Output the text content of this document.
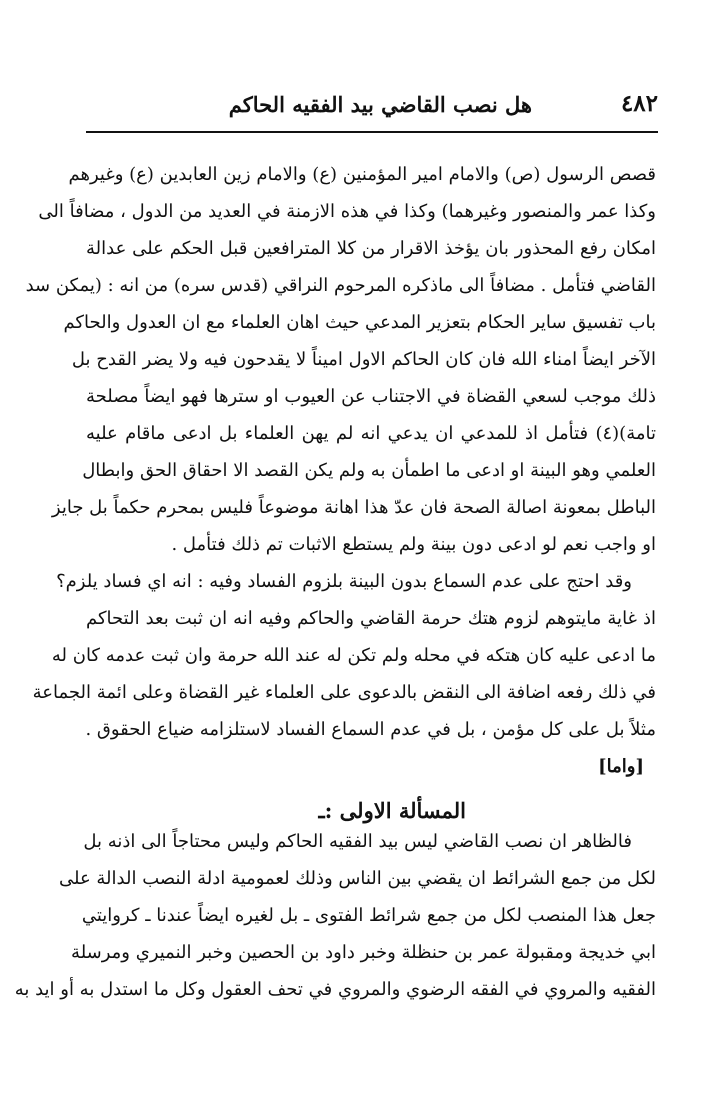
هل نصب القاضي بيد الفقيه الحاكم	٤٨٢
قصص الرسول (ص) والامام امير المؤمنين (ع) والامام زين العابدين (ع) وغيرهم
وكذا عمر والمنصور وغيرهما) وكذا في هذه الازمنة في العديد من الدول ، مضافاً الى
امكان رفع المحذور بان يؤخذ الاقرار من كلا المترافعين قبل الحكم على عدالة
القاضي فتأمل . مضافاً الى ماذكره المرحوم النراقي (قدس سره) من انه : (يمكن سد
باب تفسيق ساير الحكام بتعزير المدعي حيث اهان العلماء مع ان العدول والحاكم
الآخر ايضاً امناء الله فان كان الحاكم الاول اميناً لا يقدحون فيه ولا يضر القدح بل
ذلك موجب لسعي القضاة في الاجتناب عن العيوب او سترها فهو ايضاً مصلحة
تامة)(٤) فتأمل اذ للمدعي ان يدعي انه لم يهن العلماء بل ادعى ماقام عليه
العلمي وهو البينة او ادعى ما اطمأن به ولم يكن القصد الا احقاق الحق وابطال
الباطل بمعونة اصالة الصحة فان عدّ هذا اهانة موضوعاً فليس بمحرم حكماً بل جايز
او واجب نعم لو ادعى دون بينة ولم يستطع الاثبات تم ذلك فتأمل .
وقد احتج على عدم السماع بدون البينة بلزوم الفساد وفيه : انه اي فساد يلزم؟
اذ غاية مايتوهم لزوم هتك حرمة القاضي والحاكم وفيه انه ان ثبت بعد التحاكم
ما ادعى عليه كان هتكه في محله ولم تكن له عند الله حرمة وان ثبت عدمه كان له
في ذلك رفعه اضافة الى النقض بالدعوى على العلماء غير القضاة وعلى ائمة الجماعة
مثلاً بل على كل مؤمن ، بل في عدم السماع الفساد لاستلزامه ضياع الحقوق .
[واما]
المسألة الاولى :ـ
فالظاهر ان نصب القاضي ليس بيد الفقيه الحاكم وليس محتاجاً الى اذنه بل
لكل من جمع الشرائط ان يقضي بين الناس وذلك لعمومية ادلة النصب الدالة على
جعل هذا المنصب لكل من جمع شرائط الفتوى ـ بل لغيره ايضاً عندنا ـ كروايتي
ابي خديجة ومقبولة عمر بن حنظلة وخبر داود بن الحصين وخبر النميري ومرسلة
الفقيه والمروي في الفقه الرضوي والمروي في تحف العقول وكل ما استدل به أو ايد به
